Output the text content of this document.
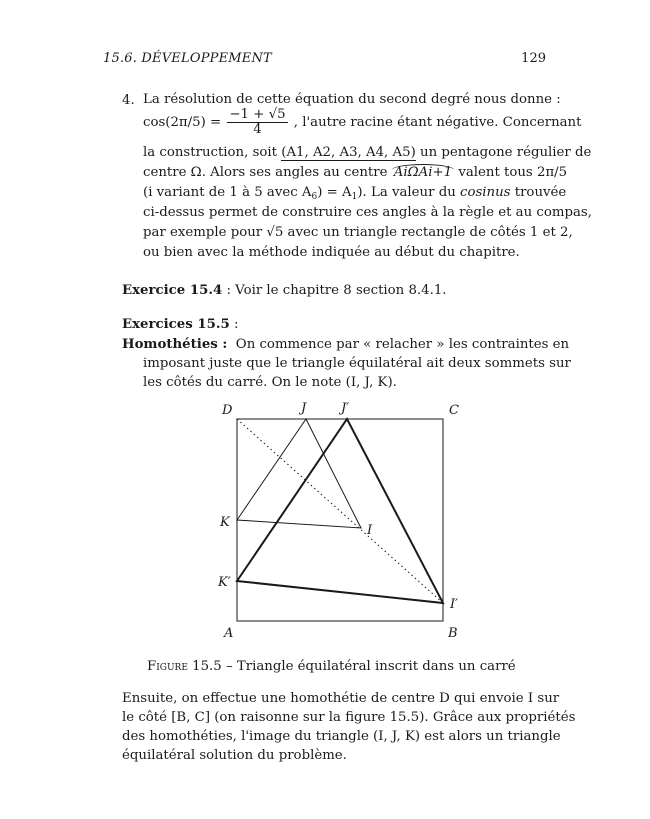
15.6. DÉVELOPPEMENT	129
4. La résolution de cette équation du second degré nous donne :
$\cos(2\pi/5) = \frac{-1 + √5}{4}$ , l'autre racine étant négative. Concernant
la construction, soit (A1, A2, A3, A4, A5) un pentagone régulier de
centre Ω. Alors ses angles au centre AiΩAi+1 valent tous 2π/5
(i variant de 1 à 5 avec $A_6) = A_1$). La valeur du cosinus trouvée
ci-dessus permet de construire ces angles à la règle et au compas,
par exemple pour √5 avec un triangle rectangle de côtés 1 et 2,
ou bien avec la méthode indiquée au début du chapitre.
Exercice 15.4 : Voir le chapitre 8 section 8.4.1.
Exercices 15.5 :
Homothéties : On commence par « relacher » les contraintes en
imposant juste que le triangle équilatéral ait deux sommets sur
les côtés du carré. On le note (I, J, K).
D	J	J′	C
K
I
K′
I′
A	B
Figure 15.5 – Triangle équilatéral inscrit dans un carré
Ensuite, on effectue une homothétie de centre D qui envoie I sur
le côté [B, C] (on raisonne sur la figure 15.5). Grâce aux propriétés
des homothéties, l'image du triangle (I, J, K) est alors un triangle
équilatéral solution du problème.
